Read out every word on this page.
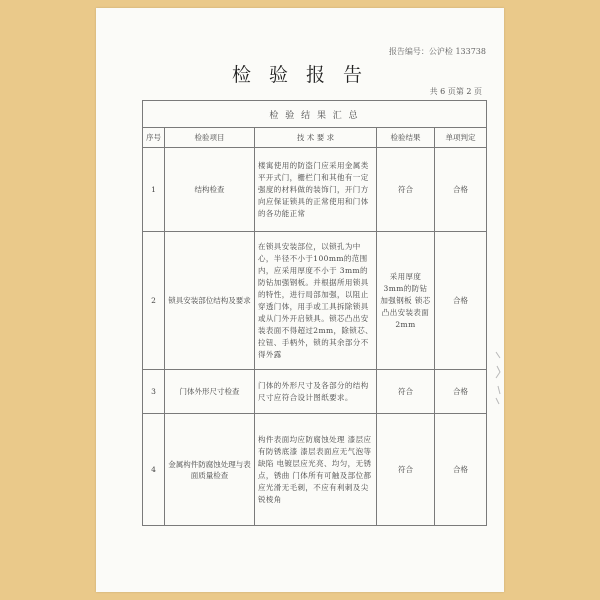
报告编号：公沪检 133738
检 验 报 告
共 6 页第 2 页
检 验 结 果 汇 总				
序号	检验项目	技 术 要 求	检验结果	单项判定
1	结构检查	楼寓使用的防盗门应采用金属类平开式门，栅栏门和其他有一定强度的材料做的装饰门，开门方向应保证锁具的正常使用和门体的各功能正常	符合	合格
2	锁具安装部位结构及要求	在锁具安装部位，以锁孔为中心，半径不小于100mm的范围内，应采用厚度不小于 3mm的防钻加强钢板。并根据所用锁具的特性，进行局部加强，以阻止穿透门体，用手或工具拆除锁具或从门外开启锁具。锁芯凸出安装表面不得超过2mm，除锁芯、拉钮、手柄外，锁的其余部分不得外露	采用厚度3mm的防钻加强钢板 锁芯凸出安装表面 2mm	合格
3	门体外形尺寸检查	门体的外形尺寸及各部分的结构尺寸应符合设计图纸要求。	符合	合格
4	金属构件防腐蚀处理与表面质量检查	构件表面均应防腐蚀处理 漆层应有防锈底漆 漆层表面应无气泡等缺陷 电镀层应光亮、均匀，无锈点，锈曲 门体所有可触及部位都应光滑无毛刺，不应有利刺及尖锐棱角	符合	合格
